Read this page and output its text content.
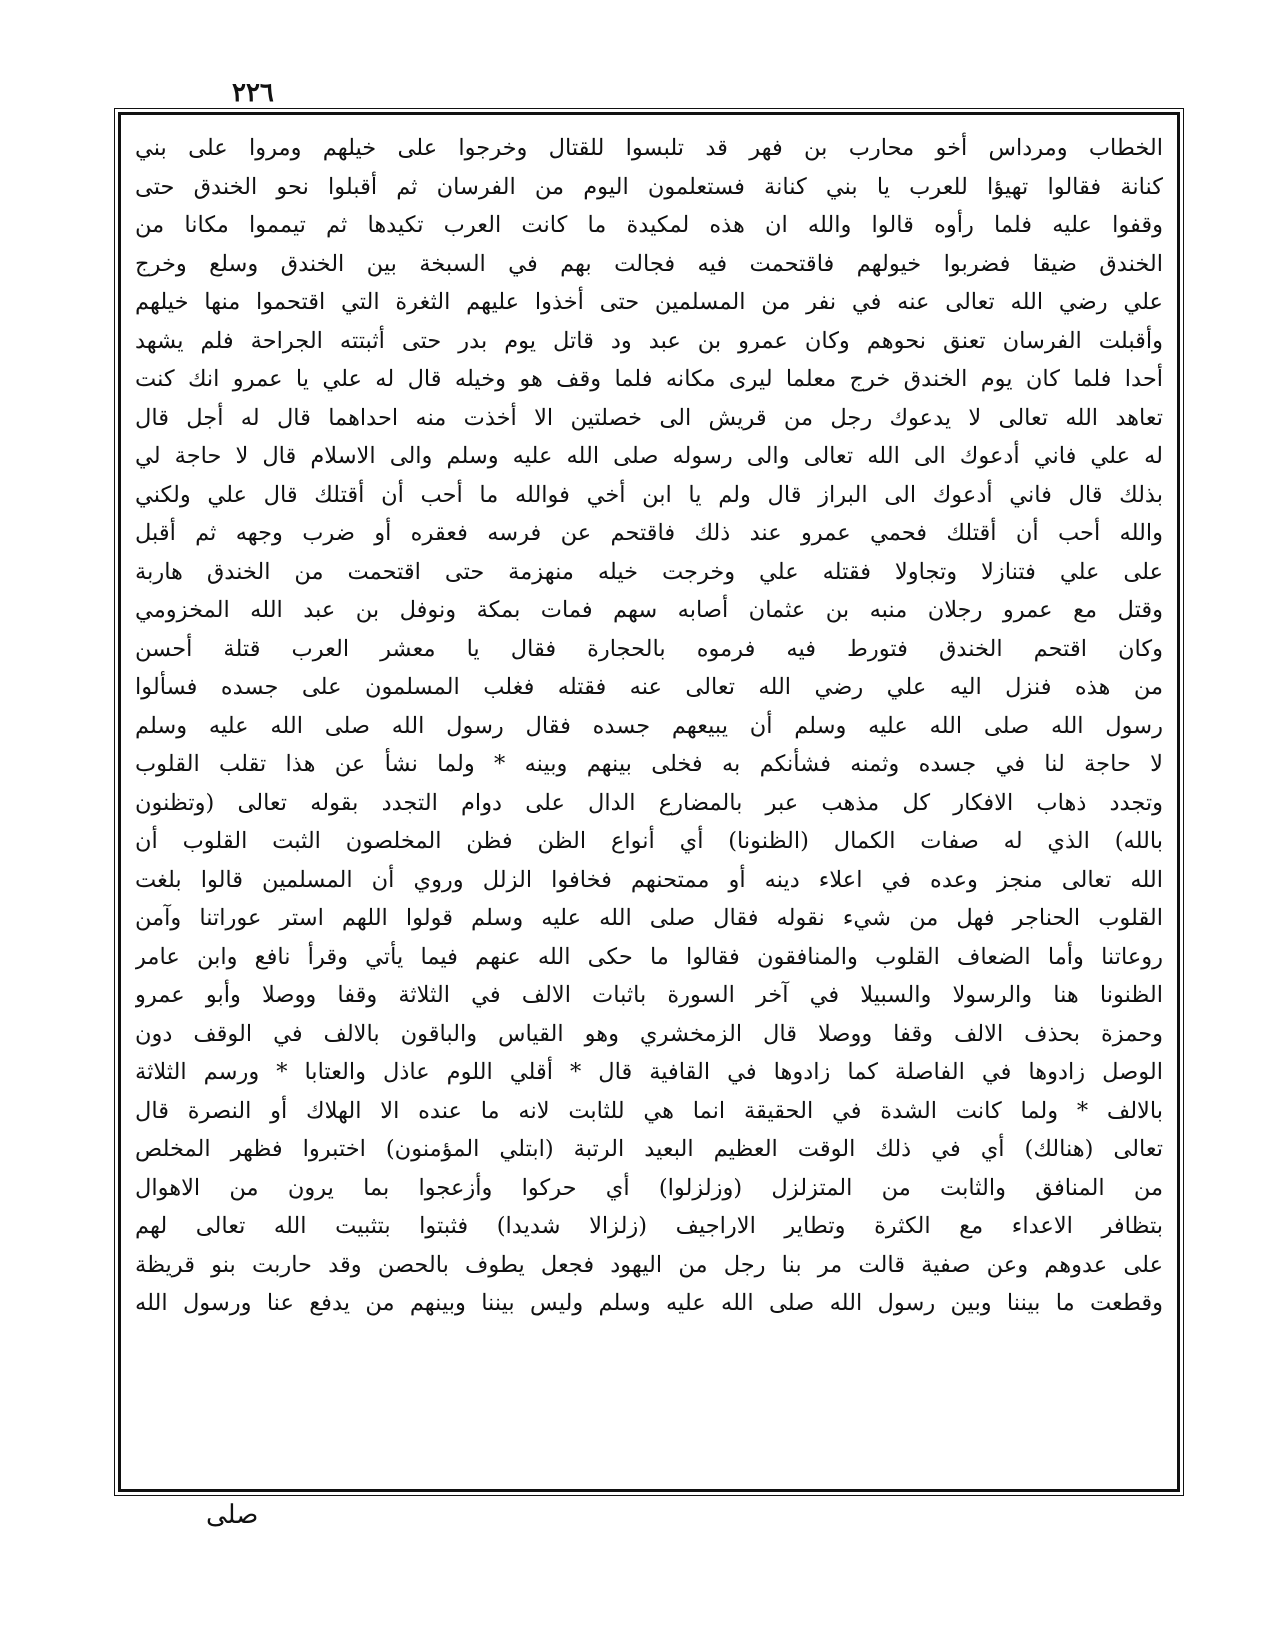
٢٢٦
الخطاب ومرداس أخو محارب بن فهر قد تلبسوا للقتال وخرجوا على خيلهم ومروا على بني
كنانة فقالوا تهيؤا للعرب يا بني كنانة فستعلمون اليوم من الفرسان ثم أقبلوا نحو الخندق حتى
وقفوا عليه فلما رأوه قالوا والله ان هذه لمكيدة ما كانت العرب تكيدها ثم تيمموا مكانا من
الخندق ضيقا فضربوا خيولهم فاقتحمت فيه فجالت بهم في السبخة بين الخندق وسلع وخرج
علي رضي الله تعالى عنه في نفر من المسلمين حتى أخذوا عليهم الثغرة التي اقتحموا منها خيلهم
وأقبلت الفرسان تعنق نحوهم وكان عمرو بن عبد ود قاتل يوم بدر حتى أثبتته الجراحة فلم يشهد
أحدا فلما كان يوم الخندق خرج معلما ليرى مكانه فلما وقف هو وخيله قال له علي يا عمرو انك كنت
تعاهد الله تعالى لا يدعوك رجل من قريش الى خصلتين الا أخذت منه احداهما قال له أجل قال
له علي فاني أدعوك الى الله تعالى والى رسوله صلى الله عليه وسلم والى الاسلام قال لا حاجة لي
بذلك قال فاني أدعوك الى البراز قال ولم يا ابن أخي فوالله ما أحب أن أقتلك قال علي ولكني
والله أحب أن أقتلك فحمي عمرو عند ذلك فاقتحم عن فرسه فعقره أو ضرب وجهه ثم أقبل
على علي فتنازلا وتجاولا فقتله علي وخرجت خيله منهزمة حتى اقتحمت من الخندق هاربة
وقتل مع عمرو رجلان منبه بن عثمان أصابه سهم فمات بمكة ونوفل بن عبد الله المخزومي
وكان اقتحم الخندق فتورط فيه فرموه بالحجارة فقال يا معشر العرب قتلة أحسن
من هذه فنزل اليه علي رضي الله تعالى عنه فقتله فغلب المسلمون على جسده فسألوا
رسول الله صلى الله عليه وسلم أن يبيعهم جسده فقال رسول الله صلى الله عليه وسلم
لا حاجة لنا في جسده وثمنه فشأنكم به فخلى بينهم وبينه * ولما نشأ عن هذا تقلب القلوب
وتجدد ذهاب الافكار كل مذهب عبر بالمضارع الدال على دوام التجدد بقوله تعالى (وتظنون
بالله) الذي له صفات الكمال (الظنونا) أي أنواع الظن فظن المخلصون الثبت القلوب أن
الله تعالى منجز وعده في اعلاء دينه أو ممتحنهم فخافوا الزلل وروي أن المسلمين قالوا بلغت
القلوب الحناجر فهل من شيء نقوله فقال صلى الله عليه وسلم قولوا اللهم استر عوراتنا وآمن
روعاتنا وأما الضعاف القلوب والمنافقون فقالوا ما حكى الله عنهم فيما يأتي وقرأ نافع وابن عامر
الظنونا هنا والرسولا والسبيلا في آخر السورة باثبات الالف في الثلاثة وقفا ووصلا وأبو عمرو
وحمزة بحذف الالف وقفا ووصلا قال الزمخشري وهو القياس والباقون بالالف في الوقف دون
الوصل زادوها في الفاصلة كما زادوها في القافية قال * أقلي اللوم عاذل والعتابا * ورسم الثلاثة
بالالف * ولما كانت الشدة في الحقيقة انما هي للثابت لانه ما عنده الا الهلاك أو النصرة قال
تعالى (هنالك) أي في ذلك الوقت العظيم البعيد الرتبة (ابتلي المؤمنون) اختبروا فظهر المخلص
من المنافق والثابت من المتزلزل (وزلزلوا) أي حركوا وأزعجوا بما يرون من الاهوال
بتظافر الاعداء مع الكثرة وتطاير الاراجيف (زلزالا شديدا) فثبتوا بتثبيت الله تعالى لهم
على عدوهم وعن صفية قالت مر بنا رجل من اليهود فجعل يطوف بالحصن وقد حاربت بنو قريظة
وقطعت ما بيننا وبين رسول الله صلى الله عليه وسلم وليس بيننا وبينهم من يدفع عنا ورسول الله
صلى
